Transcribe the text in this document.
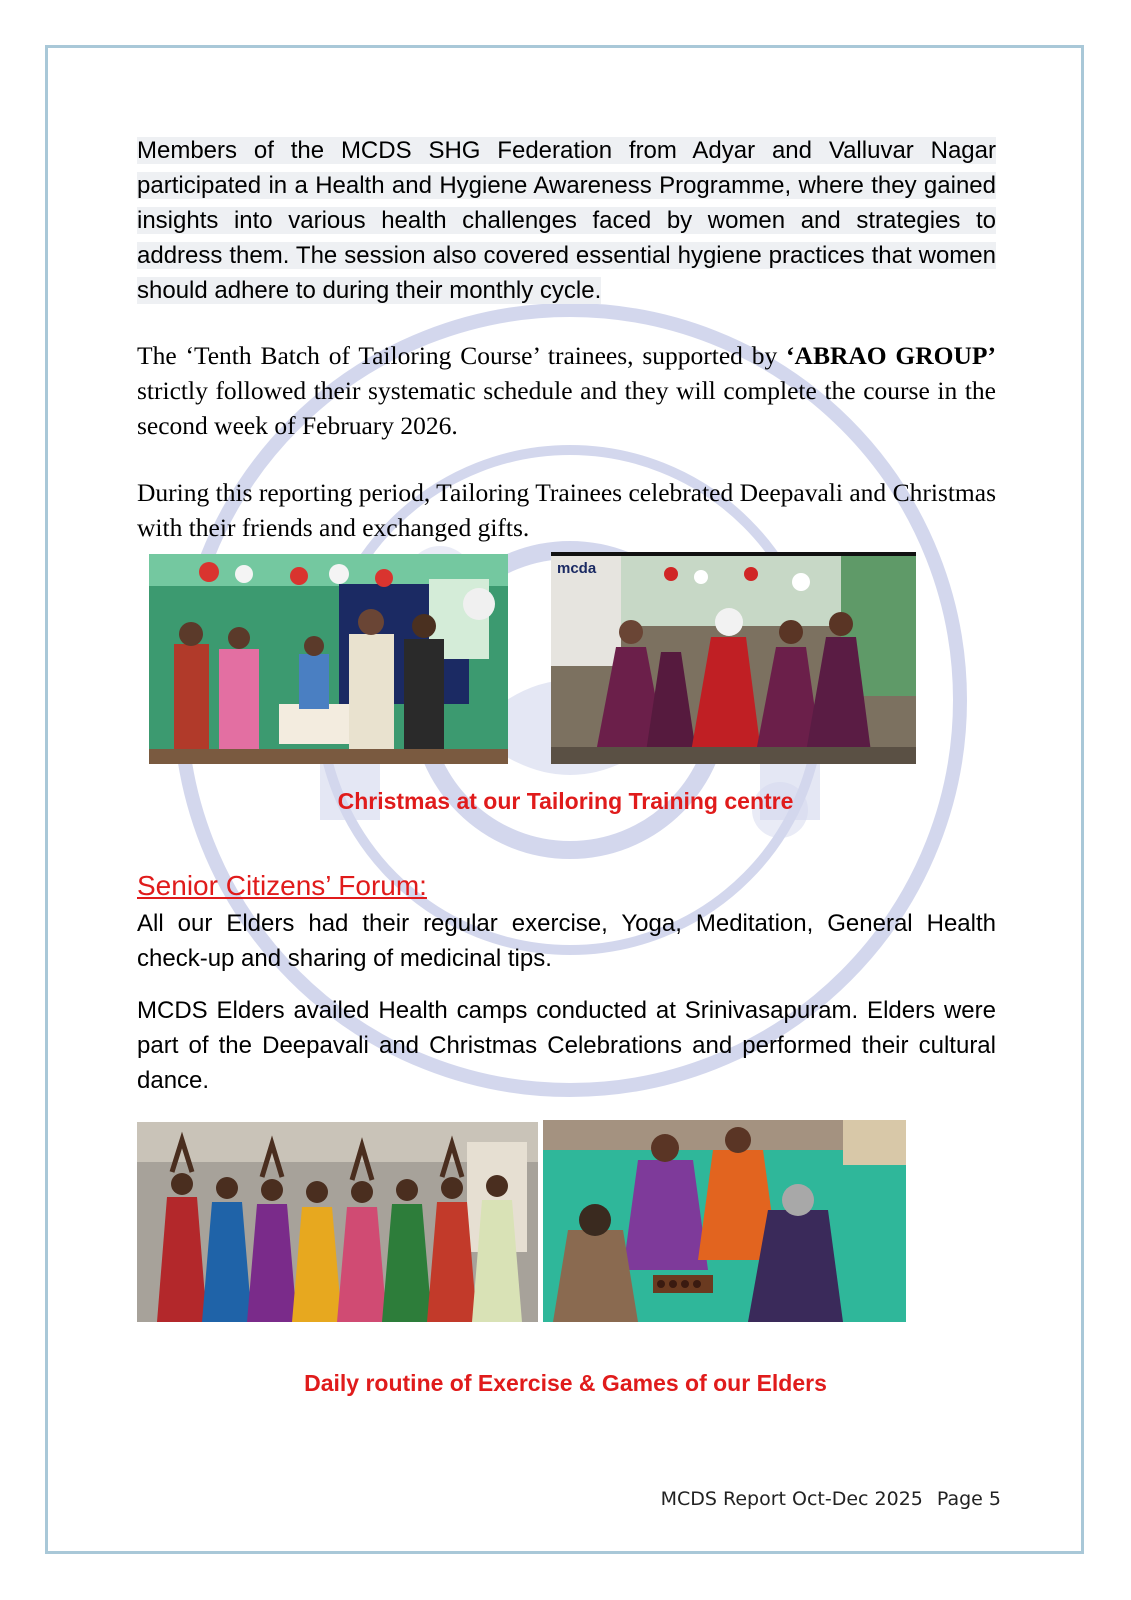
Members of the MCDS SHG Federation from Adyar and Valluvar Nagar participated in a Health and Hygiene Awareness Programme, where they gained insights into various health challenges faced by women and strategies to address them. The session also covered essential hygiene practices that women should adhere to during their monthly cycle.

The ‘Tenth Batch of Tailoring Course’ trainees, supported by ‘ABRAO GROUP’ strictly followed their systematic schedule and they will complete the course in the second week of February 2026.

During this reporting period, Tailoring Trainees celebrated Deepavali and Christmas with their friends and exchanged gifts.

mcda
Christmas at our Tailoring Training centre
Senior Citizens’ Forum:

All our Elders had their regular exercise, Yoga, Meditation, General Health check-up and sharing of medicinal tips.

MCDS Elders availed Health camps conducted at Srinivasapuram. Elders were part of the Deepavali and Christmas Celebrations and performed their cultural dance.

Daily routine of Exercise & Games of our Elders
MCDS Report Oct-Dec 2025 Page 5
